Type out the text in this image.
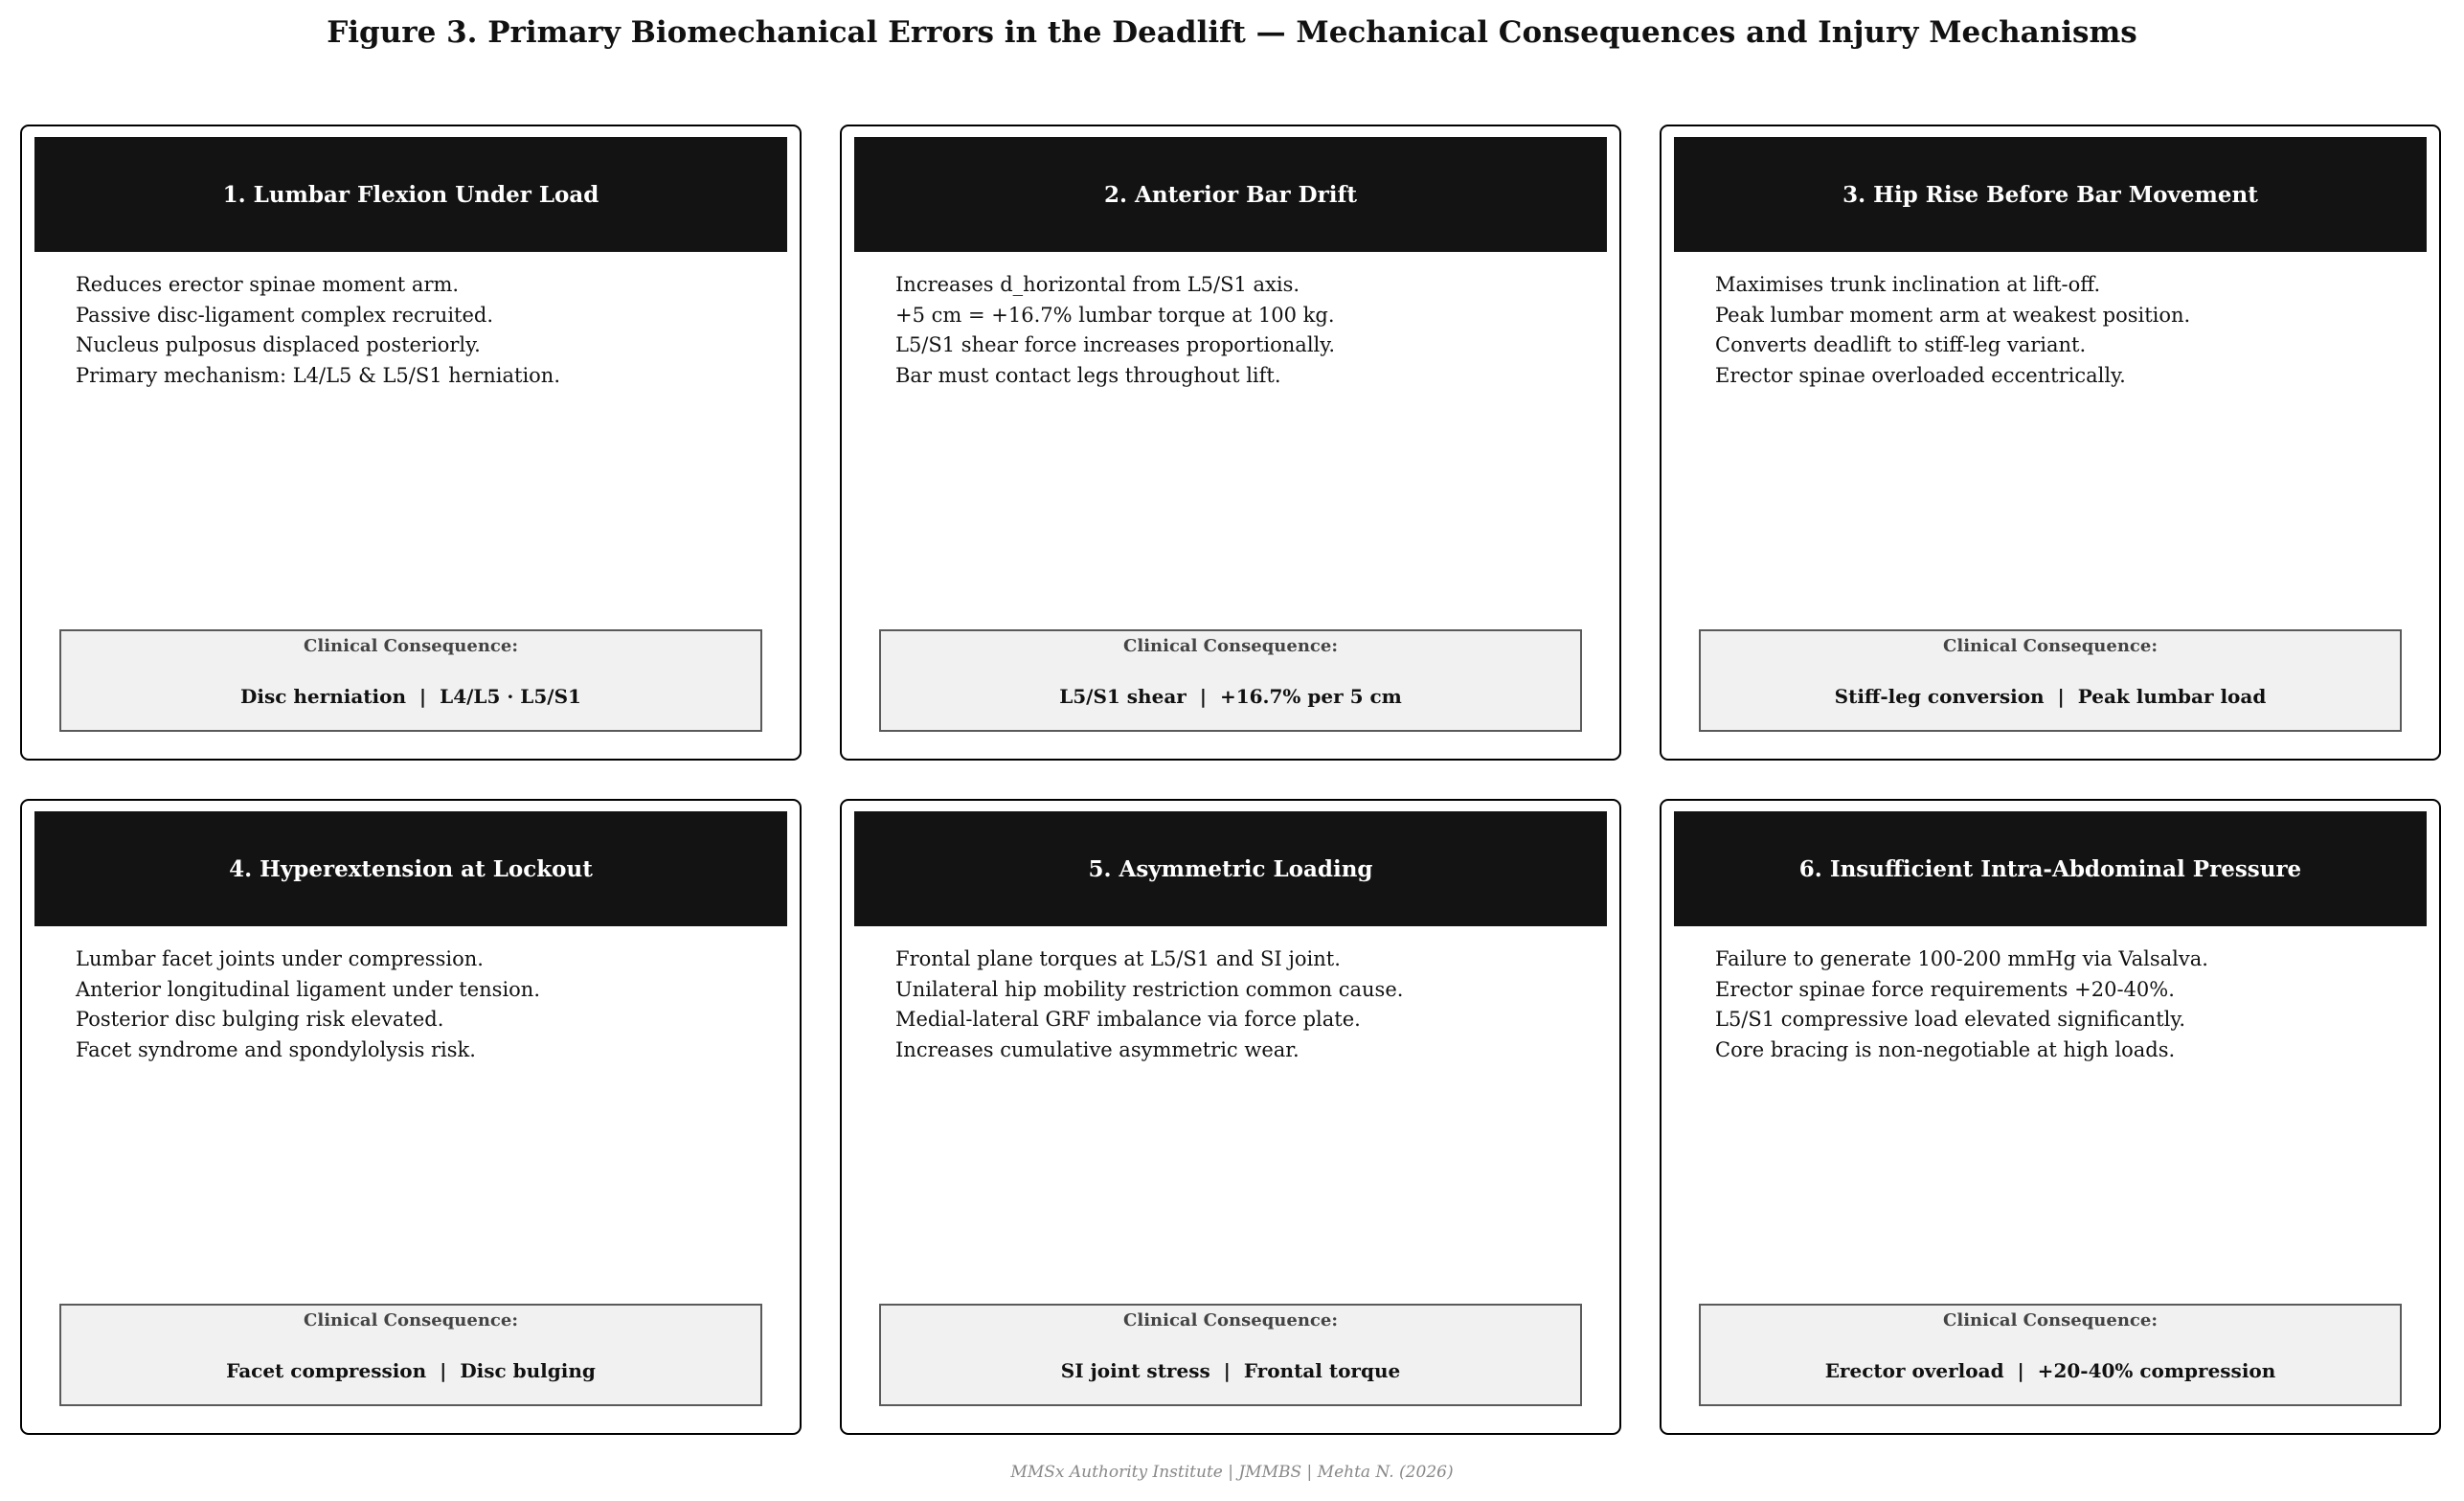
Figure 3. Primary Biomechanical Errors in the Deadlift — Mechanical Consequences and Injury Mechanisms
1. Lumbar Flexion Under Load
Reduces erector spinae moment arm.
Passive disc-ligament complex recruited.
Nucleus pulposus displaced posteriorly.
Primary mechanism: L4/L5 & L5/S1 herniation.
Clinical Consequence:
Disc herniation  |  L4/L5 · L5/S1
2. Anterior Bar Drift
Increases d_horizontal from L5/S1 axis.
+5 cm = +16.7% lumbar torque at 100 kg.
L5/S1 shear force increases proportionally.
Bar must contact legs throughout lift.
Clinical Consequence:
L5/S1 shear  |  +16.7% per 5 cm
3. Hip Rise Before Bar Movement
Maximises trunk inclination at lift-off.
Peak lumbar moment arm at weakest position.
Converts deadlift to stiff-leg variant.
Erector spinae overloaded eccentrically.
Clinical Consequence:
Stiff-leg conversion  |  Peak lumbar load
4. Hyperextension at Lockout
Lumbar facet joints under compression.
Anterior longitudinal ligament under tension.
Posterior disc bulging risk elevated.
Facet syndrome and spondylolysis risk.
Clinical Consequence:
Facet compression  |  Disc bulging
5. Asymmetric Loading
Frontal plane torques at L5/S1 and SI joint.
Unilateral hip mobility restriction common cause.
Medial-lateral GRF imbalance via force plate.
Increases cumulative asymmetric wear.
Clinical Consequence:
SI joint stress  |  Frontal torque
6. Insufficient Intra-Abdominal Pressure
Failure to generate 100-200 mmHg via Valsalva.
Erector spinae force requirements +20-40%.
L5/S1 compressive load elevated significantly.
Core bracing is non-negotiable at high loads.
Clinical Consequence:
Erector overload  |  +20-40% compression
MMSx Authority Institute | JMMBS | Mehta N. (2026)
